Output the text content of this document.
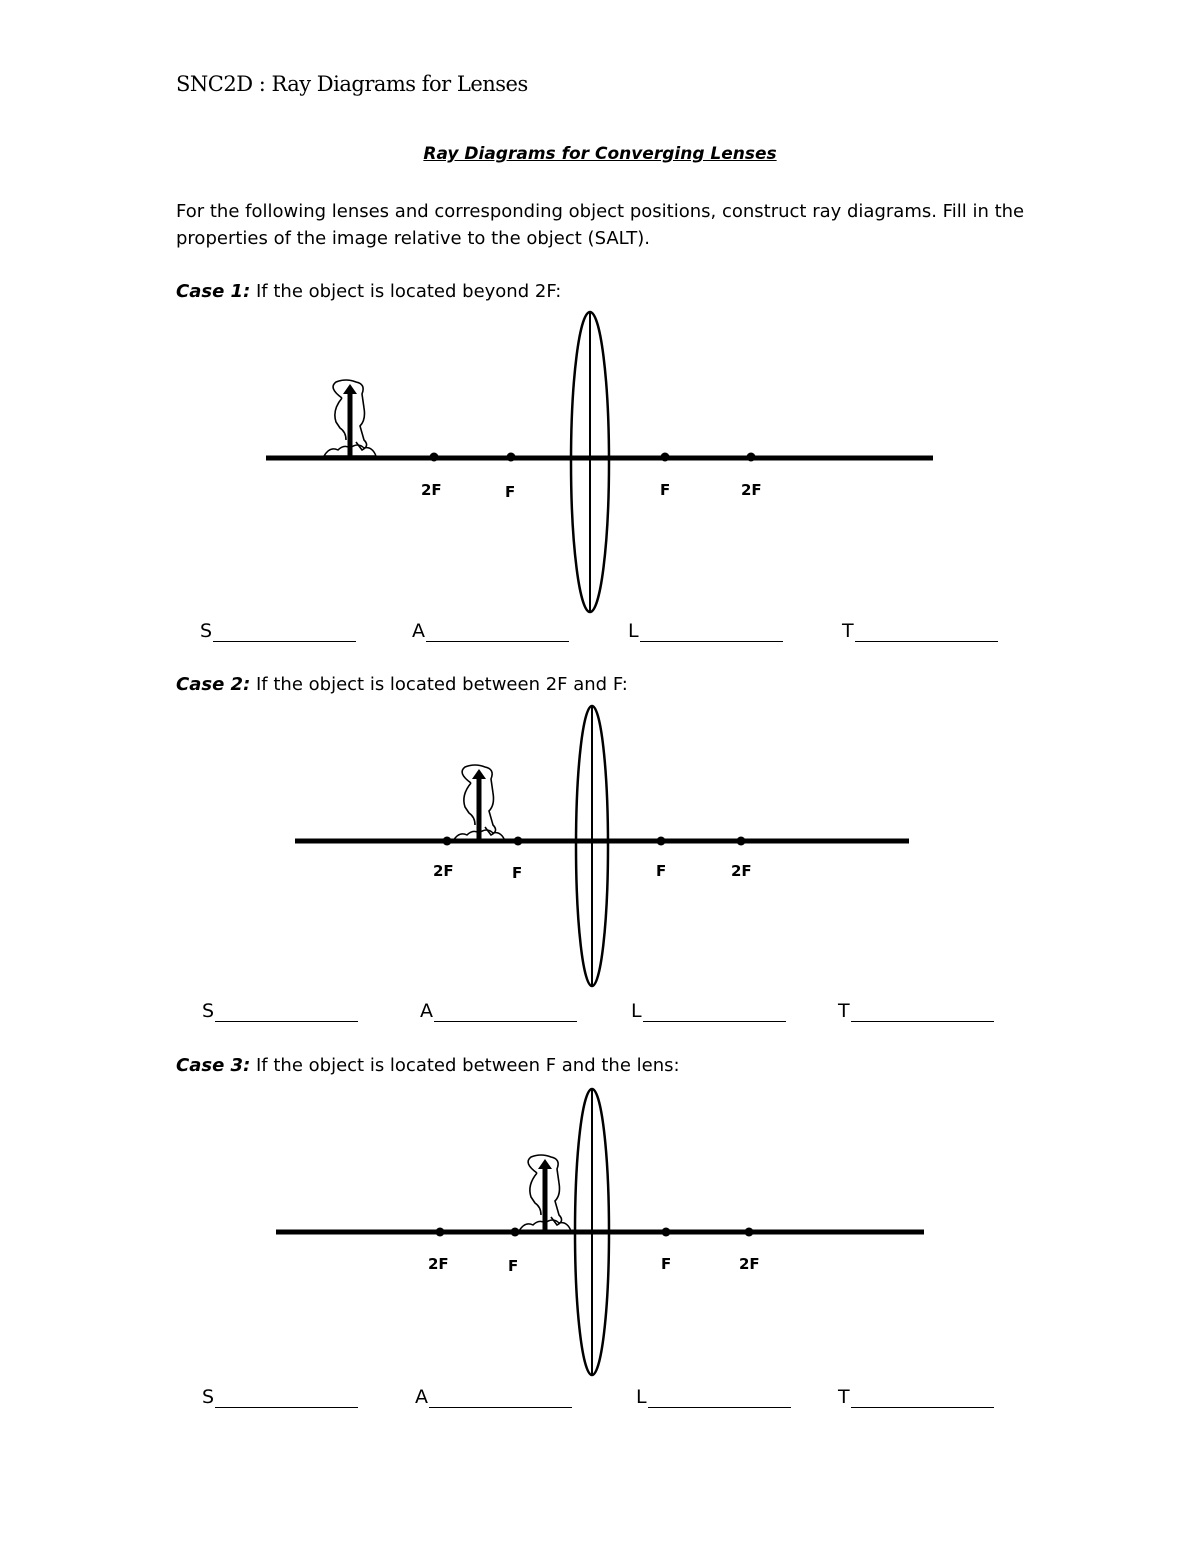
SNC2D : Ray Diagrams for Lenses
Ray Diagrams for Converging Lenses
For the following lenses and corresponding object positions, construct ray diagrams. Fill in the properties of the image relative to the object (SALT).
Case 1: If the object is located beyond 2F:
2F	F	F	2F
S	A	L	T
Case 2: If the object is located between 2F and F:
2F	F	F	2F
S	A	L	T
Case 3: If the object is located between F and the lens:
2F	F	F	2F
S	A	L	T
